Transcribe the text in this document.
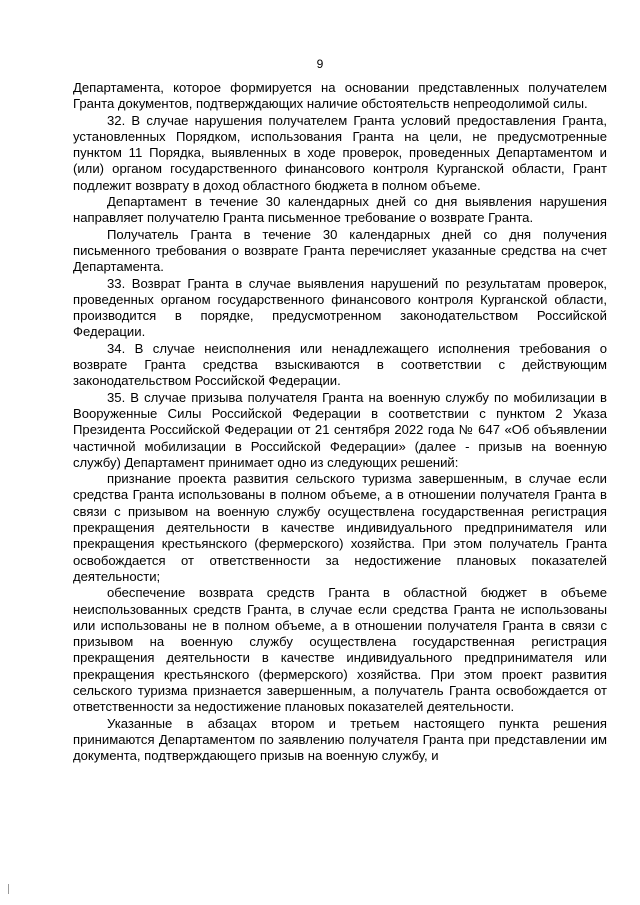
9

Департамента, которое формируется на основании представленных получателем Гранта документов, подтверждающих наличие обстоятельств непреодолимой силы.

32. В случае нарушения получателем Гранта условий предоставления Гранта, установленных Порядком, использования Гранта на цели, не предусмотренные пунктом 11 Порядка, выявленных в ходе проверок, проведенных Департаментом и (или) органом государственного финансового контроля Курганской области, Грант подлежит возврату в доход областного бюджета в полном объеме.

Департамент в течение 30 календарных дней со дня выявления нарушения направляет получателю Гранта письменное требование о возврате Гранта.

Получатель Гранта в течение 30 календарных дней со дня получения письменного требования о возврате Гранта перечисляет указанные средства на счет Департамента.

33. Возврат Гранта в случае выявления нарушений по результатам проверок, проведенных органом государственного финансового контроля Курганской области, производится в порядке, предусмотренном законодательством Российской Федерации.

34. В случае неисполнения или ненадлежащего исполнения требования о возврате Гранта средства взыскиваются в соответствии с действующим законодательством Российской Федерации.

35. В случае призыва получателя Гранта на военную службу по мобилизации в Вооруженные Силы Российской Федерации в соответствии с пунктом 2 Указа Президента Российской Федерации от 21 сентября 2022 года № 647 «Об объявлении частичной мобилизации в Российской Федерации» (далее - призыв на военную службу) Департамент принимает одно из следующих решений:

признание проекта развития сельского туризма завершенным, в случае если средства Гранта использованы в полном объеме, а в отношении получателя Гранта в связи с призывом на военную службу осуществлена государственная регистрация прекращения деятельности в качестве индивидуального предпринимателя или прекращения крестьянского (фермерского) хозяйства. При этом получатель Гранта освобождается от ответственности за недостижение плановых показателей деятельности;

обеспечение возврата средств Гранта в областной бюджет в объеме неиспользованных средств Гранта, в случае если средства Гранта не использованы или использованы не в полном объеме, а в отношении получателя Гранта в связи с призывом на военную службу осуществлена государственная регистрация прекращения деятельности в качестве индивидуального предпринимателя или прекращения крестьянского (фермерского) хозяйства. При этом проект развития сельского туризма признается завершенным, а получатель Гранта освобождается от ответственности за недостижение плановых показателей деятельности.

Указанные в абзацах втором и третьем настоящего пункта решения принимаются Департаментом по заявлению получателя Гранта при представлении им документа, подтверждающего призыв на военную службу, и
